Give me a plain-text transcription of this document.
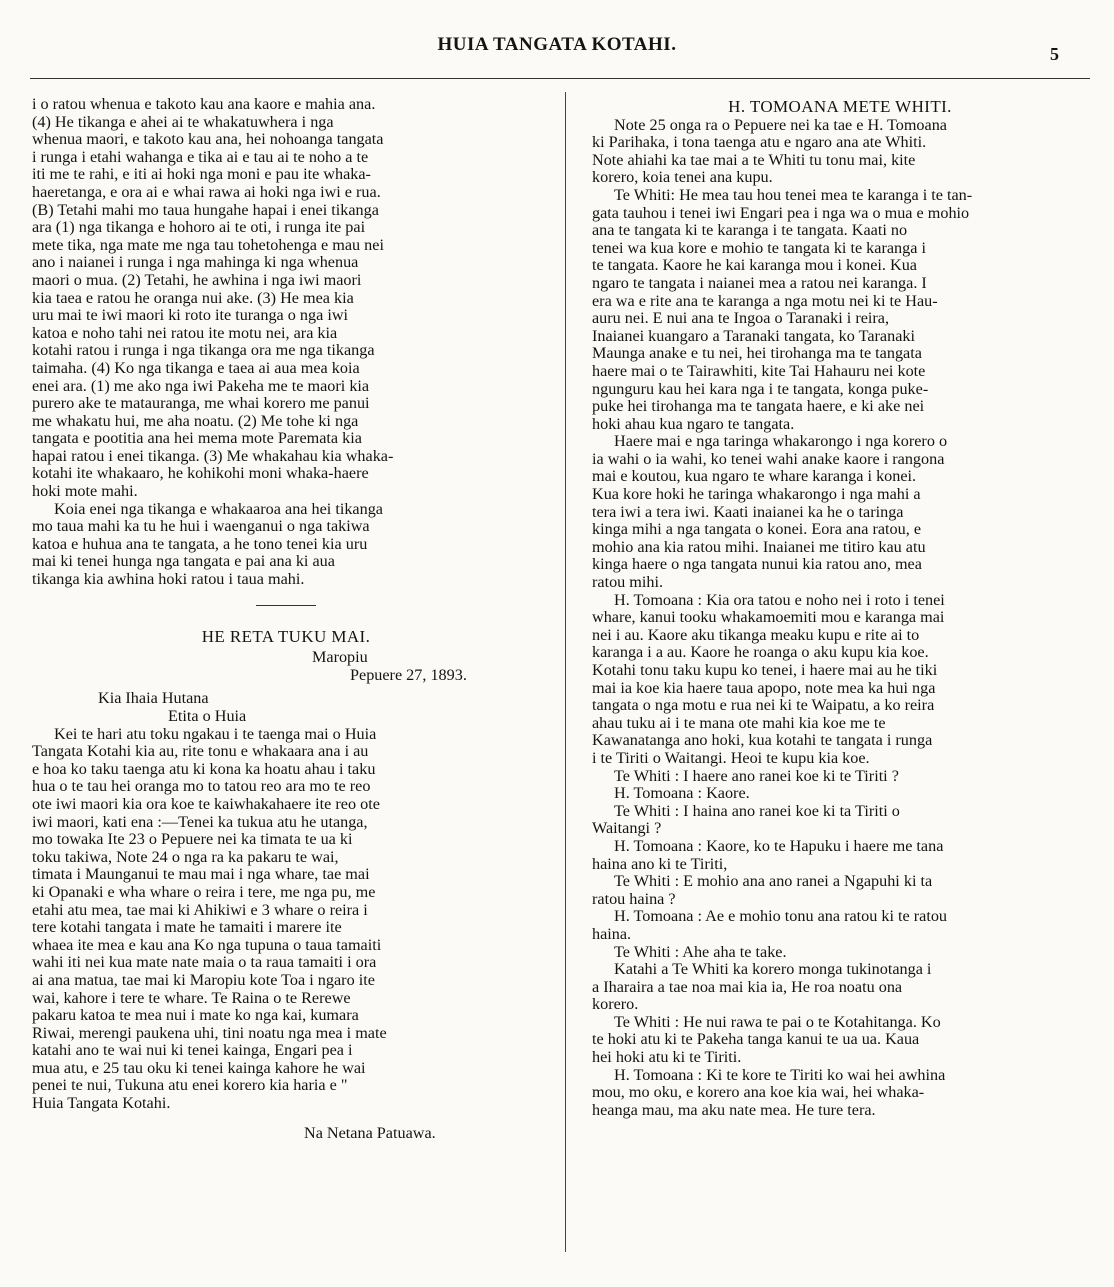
HUIA TANGATA KOTAHI.	5
i o ratou whenua e takoto kau ana kaore e mahia ana.
(4) He tikanga e ahei ai te whakatuwhera i nga
whenua maori, e takoto kau ana, hei nohoanga tangata
i runga i etahi wahanga e tika ai e tau ai te noho a te
iti me te rahi, e iti ai hoki nga moni e pau ite whaka-
haeretanga, e ora ai e whai rawa ai hoki nga iwi e rua.
(B) Tetahi mahi mo taua hungahe hapai i enei tikanga
ara (1) nga tikanga e hohoro ai te oti, i runga ite pai
mete tika, nga mate me nga tau tohetohenga e mau nei
ano i naianei i runga i nga mahinga ki nga whenua
maori o mua. (2) Tetahi, he awhina i nga iwi maori
kia taea e ratou he oranga nui ake. (3) He mea kia
uru mai te iwi maori ki roto ite turanga o nga iwi
katoa e noho tahi nei ratou ite motu nei, ara kia
kotahi ratou i runga i nga tikanga ora me nga tikanga
taimaha. (4) Ko nga tikanga e taea ai aua mea koia
enei ara. (1) me ako nga iwi Pakeha me te maori kia
purero ake te matauranga, me whai korero me panui
me whakatu hui, me aha noatu. (2) Me tohe ki nga
tangata e pootitia ana hei mema mote Paremata kia
hapai ratou i enei tikanga. (3) Me whakahau kia whaka-
kotahi ite whakaaro, he kohikohi moni whaka-haere
hoki mote mahi.
Koia enei nga tikanga e whakaaroa ana hei tikanga
mo taua mahi ka tu he hui i waenganui o nga takiwa
katoa e huhua ana te tangata, a he tono tenei kia uru
mai ki tenei hunga nga tangata e pai ana ki aua
tikanga kia awhina hoki ratou i taua mahi.
HE RETA TUKU MAI.
Maropiu
Pepuere 27, 1893.
Kia Ihaia Hutana
Etita o Huia
Kei te hari atu toku ngakau i te taenga mai o Huia
Tangata Kotahi kia au, rite tonu e whakaara ana i au
e hoa ko taku taenga atu ki kona ka hoatu ahau i taku
hua o te tau hei oranga mo to tatou reo ara mo te reo
ote iwi maori kia ora koe te kaiwhakahaere ite reo ote
iwi maori, kati ena :—Tenei ka tukua atu he utanga,
mo towaka Ite 23 o Pepuere nei ka timata te ua ki
toku takiwa, Note 24 o nga ra ka pakaru te wai,
timata i Maunganui te mau mai i nga whare, tae mai
ki Opanaki e wha whare o reira i tere, me nga pu, me
etahi atu mea, tae mai ki Ahikiwi e 3 whare o reira i
tere kotahi tangata i mate he tamaiti i marere ite
whaea ite mea e kau ana Ko nga tupuna o taua tamaiti
wahi iti nei kua mate nate maia o ta raua tamaiti i ora
ai ana matua, tae mai ki Maropiu kote Toa i ngaro ite
wai, kahore i tere te whare. Te Raina o te Rerewe
pakaru katoa te mea nui i mate ko nga kai, kumara
Riwai, merengi paukena uhi, tini noatu nga mea i mate
katahi ano te wai nui ki tenei kainga, Engari pea i
mua atu, e 25 tau oku ki tenei kainga kahore he wai
penei te nui, Tukuna atu enei korero kia haria e "
Huia Tangata Kotahi.
Na Netana Patuawa.
H. TOMOANA METE WHITI.
Note 25 onga ra o Pepuere nei ka tae e H. Tomoana
ki Parihaka, i tona taenga atu e ngaro ana ate Whiti.
Note ahiahi ka tae mai a te Whiti tu tonu mai, kite
korero, koia tenei ana kupu.
Te Whiti: He mea tau hou tenei mea te karanga i te tan-
gata tauhou i tenei iwi Engari pea i nga wa o mua e mohio
ana te tangata ki te karanga i te tangata. Kaati no
tenei wa kua kore e mohio te tangata ki te karanga i
te tangata. Kaore he kai karanga mou i konei. Kua
ngaro te tangata i naianei mea a ratou nei karanga. I
era wa e rite ana te karanga a nga motu nei ki te Hau-
auru nei. E nui ana te Ingoa o Taranaki i reira,
Inaianei kuangaro a Taranaki tangata, ko Taranaki
Maunga anake e tu nei, hei tirohanga ma te tangata
haere mai o te Tairawhiti, kite Tai Hahauru nei kote
ngunguru kau hei kara nga i te tangata, konga puke-
puke hei tirohanga ma te tangata haere, e ki ake nei
hoki ahau kua ngaro te tangata.
Haere mai e nga taringa whakarongo i nga korero o
ia wahi o ia wahi, ko tenei wahi anake kaore i rangona
mai e koutou, kua ngaro te whare karanga i konei.
Kua kore hoki he taringa whakarongo i nga mahi a
tera iwi a tera iwi. Kaati inaianei ka he o taringa
kinga mihi a nga tangata o konei. Eora ana ratou, e
mohio ana kia ratou mihi. Inaianei me titiro kau atu
kinga haere o nga tangata nunui kia ratou ano, mea
ratou mihi.
H. Tomoana : Kia ora tatou e noho nei i roto i tenei
whare, kanui tooku whakamoemiti mou e karanga mai
nei i au. Kaore aku tikanga meaku kupu e rite ai to
karanga i a au. Kaore he roanga o aku kupu kia koe.
Kotahi tonu taku kupu ko tenei, i haere mai au he tiki
mai ia koe kia haere taua apopo, note mea ka hui nga
tangata o nga motu e rua nei ki te Waipatu, a ko reira
ahau tuku ai i te mana ote mahi kia koe me te
Kawanatanga ano hoki, kua kotahi te tangata i runga
i te Tiriti o Waitangi. Heoi te kupu kia koe.
Te Whiti : I haere ano ranei koe ki te Tiriti ?
H. Tomoana : Kaore.
Te Whiti : I haina ano ranei koe ki ta Tiriti o
Waitangi ?
H. Tomoana : Kaore, ko te Hapuku i haere me tana
haina ano ki te Tiriti,
Te Whiti : E mohio ana ano ranei a Ngapuhi ki ta
ratou haina ?
H. Tomoana : Ae e mohio tonu ana ratou ki te ratou
haina.
Te Whiti : Ahe aha te take.
Katahi a Te Whiti ka korero monga tukinotanga i
a Iharaira a tae noa mai kia ia, He roa noatu ona
korero.
Te Whiti : He nui rawa te pai o te Kotahitanga. Ko
te hoki atu ki te Pakeha tanga kanui te ua ua. Kaua
hei hoki atu ki te Tiriti.
H. Tomoana : Ki te kore te Tiriti ko wai hei awhina
mou, mo oku, e korero ana koe kia wai, hei whaka-
heanga mau, ma aku nate mea. He ture tera.
